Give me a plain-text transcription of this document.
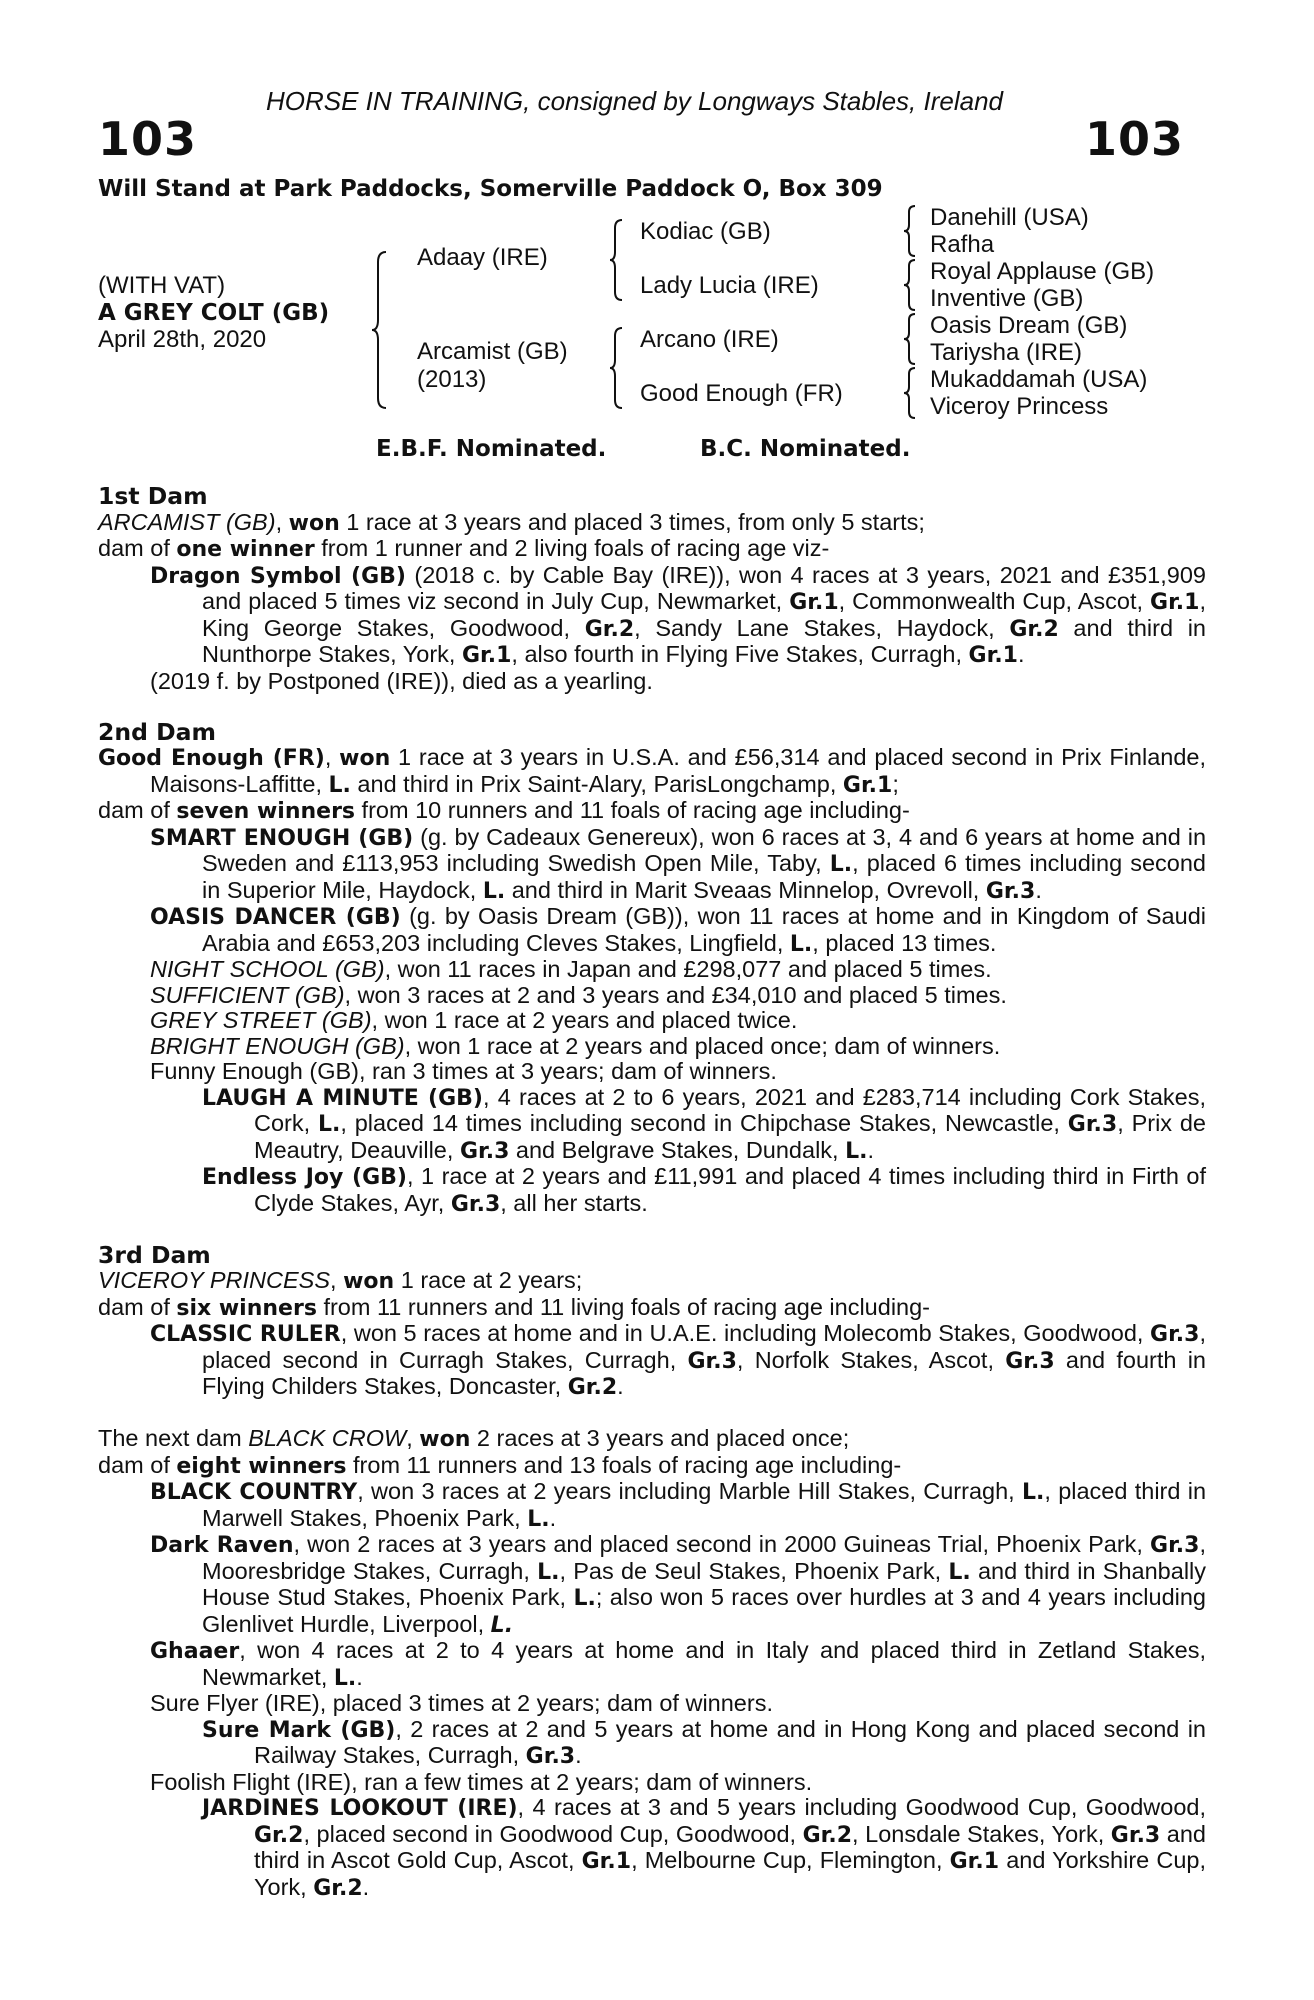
HORSE IN TRAINING, consigned by Longways Stables, Ireland
103	103
Will Stand at Park Paddocks, Somerville Paddock O, Box 309
(WITH VAT)
A GREY COLT (GB)
April 28th, 2020
Adaay (IRE)
Arcamist (GB)
(2013)
Kodiac (GB)
Lady Lucia (IRE)
Arcano (IRE)
Good Enough (FR)
Danehill (USA)
Rafha
Royal Applause (GB)
Inventive (GB)
Oasis Dream (GB)
Tariysha (IRE)
Mukaddamah (USA)
Viceroy Princess
E.B.F. Nominated.	B.C. Nominated.
1st Dam
ARCAMIST (GB), won 1 race at 3 years and placed 3 times, from only 5 starts;
dam of one winner from 1 runner and 2 living foals of racing age viz-
Dragon Symbol (GB) (2018 c. by Cable Bay (IRE)), won 4 races at 3 years, 2021 and £351,909 and placed 5 times viz second in July Cup, Newmarket, Gr.1, Commonwealth Cup, Ascot, Gr.1, King George Stakes, Goodwood, Gr.2, Sandy Lane Stakes, Haydock, Gr.2 and third in Nunthorpe Stakes, York, Gr.1, also fourth in Flying Five Stakes, Curragh, Gr.1.
(2019 f. by Postponed (IRE)), died as a yearling.
2nd Dam
Good Enough (FR), won 1 race at 3 years in U.S.A. and £56,314 and placed second in Prix Finlande, Maisons-Laffitte, L. and third in Prix Saint-Alary, ParisLongchamp, Gr.1;
dam of seven winners from 10 runners and 11 foals of racing age including-
SMART ENOUGH (GB) (g. by Cadeaux Genereux), won 6 races at 3, 4 and 6 years at home and in Sweden and £113,953 including Swedish Open Mile, Taby, L., placed 6 times including second in Superior Mile, Haydock, L. and third in Marit Sveaas Minnelop, Ovrevoll, Gr.3.
OASIS DANCER (GB) (g. by Oasis Dream (GB)), won 11 races at home and in Kingdom of Saudi Arabia and £653,203 including Cleves Stakes, Lingfield, L., placed 13 times.
NIGHT SCHOOL (GB), won 11 races in Japan and £298,077 and placed 5 times.
SUFFICIENT (GB), won 3 races at 2 and 3 years and £34,010 and placed 5 times.
GREY STREET (GB), won 1 race at 2 years and placed twice.
BRIGHT ENOUGH (GB), won 1 race at 2 years and placed once; dam of winners.
Funny Enough (GB), ran 3 times at 3 years; dam of winners.
LAUGH A MINUTE (GB), 4 races at 2 to 6 years, 2021 and £283,714 including Cork Stakes, Cork, L., placed 14 times including second in Chipchase Stakes, Newcastle, Gr.3, Prix de Meautry, Deauville, Gr.3 and Belgrave Stakes, Dundalk, L..
Endless Joy (GB), 1 race at 2 years and £11,991 and placed 4 times including third in Firth of Clyde Stakes, Ayr, Gr.3, all her starts.
3rd Dam
VICEROY PRINCESS, won 1 race at 2 years;
dam of six winners from 11 runners and 11 living foals of racing age including-
CLASSIC RULER, won 5 races at home and in U.A.E. including Molecomb Stakes, Goodwood, Gr.3, placed second in Curragh Stakes, Curragh, Gr.3, Norfolk Stakes, Ascot, Gr.3 and fourth in Flying Childers Stakes, Doncaster, Gr.2.
The next dam BLACK CROW, won 2 races at 3 years and placed once;
dam of eight winners from 11 runners and 13 foals of racing age including-
BLACK COUNTRY, won 3 races at 2 years including Marble Hill Stakes, Curragh, L., placed third in Marwell Stakes, Phoenix Park, L..
Dark Raven, won 2 races at 3 years and placed second in 2000 Guineas Trial, Phoenix Park, Gr.3, Mooresbridge Stakes, Curragh, L., Pas de Seul Stakes, Phoenix Park, L. and third in Shanbally House Stud Stakes, Phoenix Park, L.; also won 5 races over hurdles at 3 and 4 years including Glenlivet Hurdle, Liverpool, L.
Ghaaer, won 4 races at 2 to 4 years at home and in Italy and placed third in Zetland Stakes, Newmarket, L..
Sure Flyer (IRE), placed 3 times at 2 years; dam of winners.
Sure Mark (GB), 2 races at 2 and 5 years at home and in Hong Kong and placed second in Railway Stakes, Curragh, Gr.3.
Foolish Flight (IRE), ran a few times at 2 years; dam of winners.
JARDINES LOOKOUT (IRE), 4 races at 3 and 5 years including Goodwood Cup, Goodwood, Gr.2, placed second in Goodwood Cup, Goodwood, Gr.2, Lonsdale Stakes, York, Gr.3 and third in Ascot Gold Cup, Ascot, Gr.1, Melbourne Cup, Flemington, Gr.1 and Yorkshire Cup, York, Gr.2.
